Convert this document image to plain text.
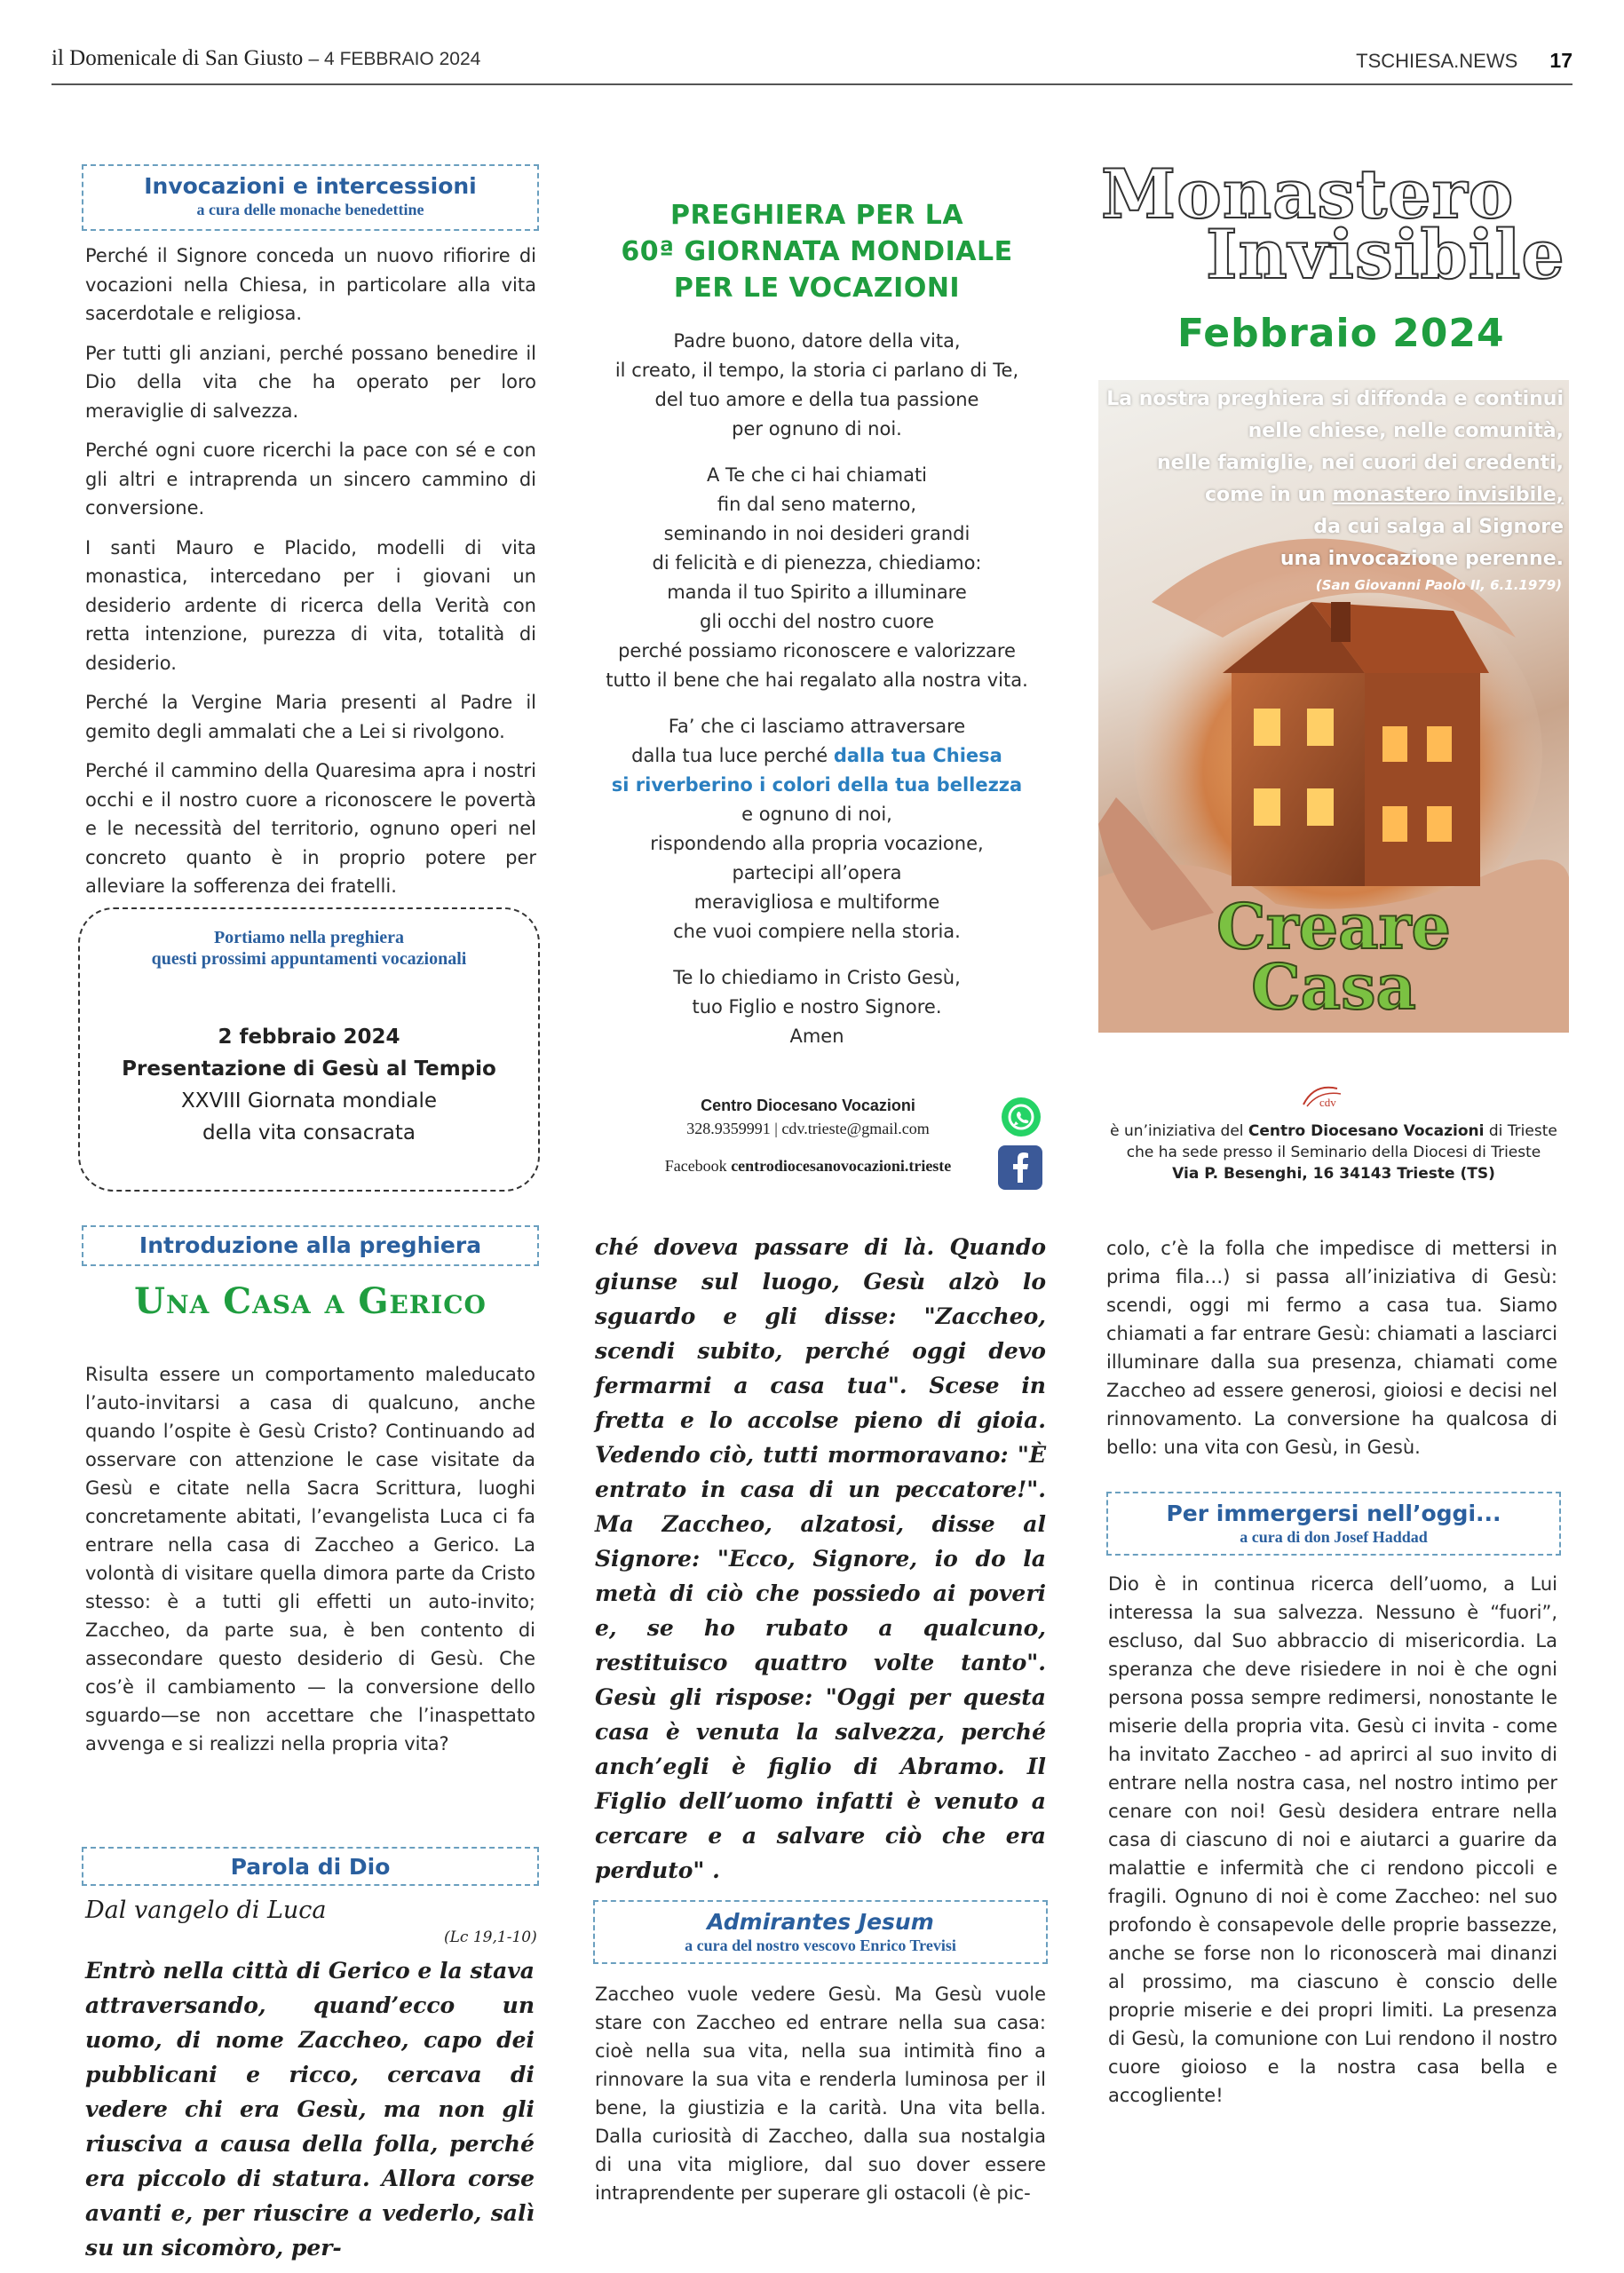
il Domenicale di San Giusto – 4 FEBBRAIO 2024	TSCHIESA.NEWS 17
Invocazioni e intercessioni
a cura delle monache benedettine

Perché il Signore conceda un nuovo rifiorire di vocazioni nella Chiesa, in particolare alla vita sacerdotale e religiosa.

Per tutti gli anziani, perché possano benedire il Dio della vita che ha operato per loro meraviglie di salvezza.

Perché ogni cuore ricerchi la pace con sé e con gli altri e intraprenda un sincero cammino di conversione.

I santi Mauro e Placido, modelli di vita monastica, intercedano per i giovani un desiderio ardente di ricerca della Verità con retta intenzione, purezza di vita, totalità di desiderio.

Perché la Vergine Maria presenti al Padre il gemito degli ammalati che a Lei si rivolgono.

Perché il cammino della Quaresima apra i nostri occhi e il nostro cuore a riconoscere le povertà e le necessità del territorio, ognuno operi nel concreto quanto è in proprio potere per alleviare la sofferenza dei fratelli.

Portiamo nella preghiera
questi prossimi appuntamenti vocazionali
2 febbraio 2024
Presentazione di Gesù al Tempio
XXVIII Giornata mondiale
della vita consacrata
PREGHIERA PER LA
60ª GIORNATA MONDIALE
PER LE VOCAZIONI

Padre buono, datore della vita,
il creato, il tempo, la storia ci parlano di Te,
del tuo amore e della tua passione
per ognuno di noi.

A Te che ci hai chiamati
fin dal seno materno,
seminando in noi desideri grandi
di felicità e di pienezza, chiediamo:
manda il tuo Spirito a illuminare
gli occhi del nostro cuore
perché possiamo riconoscere e valorizzare
tutto il bene che hai regalato alla nostra vita.

Fa’ che ci lasciamo attraversare
dalla tua luce perché dalla tua Chiesa
si riverberino i colori della tua bellezza
e ognuno di noi,
rispondendo alla propria vocazione,
partecipi all’opera
meravigliosa e multiforme
che vuoi compiere nella storia.

Te lo chiediamo in Cristo Gesù,
tuo Figlio e nostro Signore.
Amen

Centro Diocesano Vocazioni
328.9359991 | cdv.trieste@gmail.com
Facebook centrodiocesanovocazioni.trieste
Monastero
Invisibile
Febbraio 2024
La nostra preghiera si diffonda e continui
nelle chiese, nelle comunità,
nelle famiglie, nei cuori dei credenti,
come in un monastero invisibile,
da cui salga al Signore
una invocazione perenne.
(San Giovanni Paolo II, 6.1.1979)
Creare
Casa
cdv
è un’iniziativa del Centro Diocesano Vocazioni di Trieste
che ha sede presso il Seminario della Diocesi di Trieste
Via P. Besenghi, 16 34143 Trieste (TS)
Introduzione alla preghiera
Una Casa a Gerico
Risulta essere un comportamento maleducato l’auto-invitarsi a casa di qualcuno, anche quando l’ospite è Gesù Cristo? Continuando ad osservare con attenzione le case visitate da Gesù e citate nella Sacra Scrittura, luoghi concretamente abitati, l’evangelista Luca ci fa entrare nella casa di Zaccheo a Gerico. La volontà di visitare quella dimora parte da Cristo stesso: è a tutti gli effetti un auto-invito; Zaccheo, da parte sua, è ben contento di assecondare questo desiderio di Gesù. Che cos’è il cambiamento — la conversione dello sguardo—se non accettare che l’inaspettato avvenga e si realizzi nella propria vita?
Parola di Dio
Dal vangelo di Luca
(Lc 19,1-10)
Entrò nella città di Gerico e la stava attraversando, quand’ecco un uomo, di nome Zaccheo, capo dei pubblicani e ricco, cercava di vedere chi era Gesù, ma non gli riusciva a causa della folla, perché era piccolo di statura. Allora corse avanti e, per riuscire a vederlo, salì su un sicomòro, per-
ché doveva passare di là. Quando giunse sul luogo, Gesù alzò lo sguardo e gli disse: "Zaccheo, scendi subito, perché oggi devo fermarmi a casa tua". Scese in fretta e lo accolse pieno di gioia. Vedendo ciò, tutti mormoravano: "È entrato in casa di un peccatore!". Ma Zaccheo, alzatosi, disse al Signore: "Ecco, Signore, io do la metà di ciò che possiedo ai poveri e, se ho rubato a qualcuno, restituisco quattro volte tanto". Gesù gli rispose: "Oggi per questa casa è venuta la salvezza, perché anch’egli è figlio di Abramo. Il Figlio dell’uomo infatti è venuto a cercare e a salvare ciò che era perduto" .
Admirantes Jesum
a cura del nostro vescovo Enrico Trevisi
Zaccheo vuole vedere Gesù. Ma Gesù vuole stare con Zaccheo ed entrare nella sua casa: cioè nella sua vita, nella sua intimità fino a rinnovare la sua vita e renderla luminosa per il bene, la giustizia e la carità. Una vita bella. Dalla curiosità di Zaccheo, dalla sua nostalgia di una vita migliore, dal suo dover essere intraprendente per superare gli ostacoli (è pic-
colo, c’è la folla che impedisce di mettersi in prima fila…) si passa all’iniziativa di Gesù: scendi, oggi mi fermo a casa tua. Siamo chiamati a far entrare Gesù: chiamati a lasciarci illuminare dalla sua presenza, chiamati come Zaccheo ad essere generosi, gioiosi e decisi nel rinnovamento. La conversione ha qualcosa di bello: una vita con Gesù, in Gesù.
Per immergersi nell’oggi...
a cura di don Josef Haddad
Dio è in continua ricerca dell’uomo, a Lui interessa la sua salvezza. Nessuno è “fuori”, escluso, dal Suo abbraccio di misericordia. La speranza che deve risiedere in noi è che ogni persona possa sempre redimersi, nonostante le miserie della propria vita. Gesù ci invita - come ha invitato Zaccheo - ad aprirci al suo invito di entrare nella nostra casa, nel nostro intimo per cenare con noi! Gesù desidera entrare nella casa di ciascuno di noi e aiutarci a guarire da malattie e infermità che ci rendono piccoli e fragili. Ognuno di noi è come Zaccheo: nel suo profondo è consapevole delle proprie bassezze, anche se forse non lo riconoscerà mai dinanzi al prossimo, ma ciascuno è conscio delle proprie miserie e dei propri limiti. La presenza di Gesù, la comunione con Lui rendono il nostro cuore gioioso e la nostra casa bella e accogliente!
